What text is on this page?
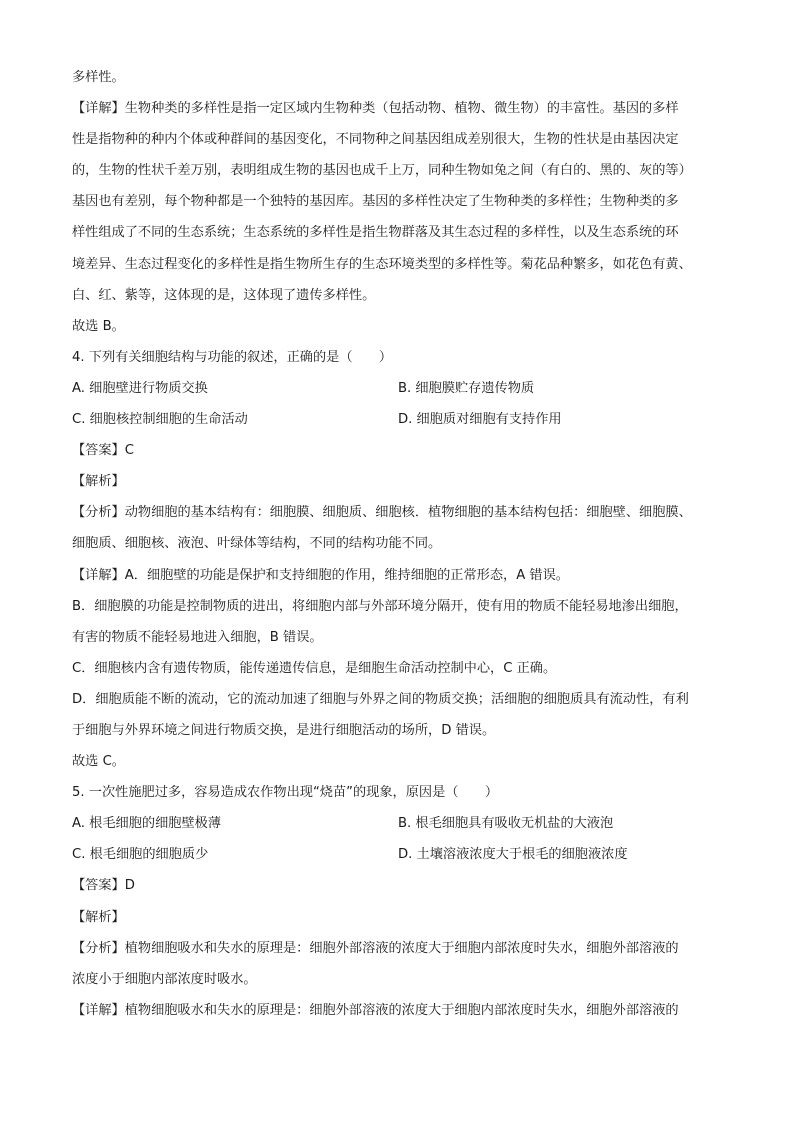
多样性。
【详解】生物种类的多样性是指一定区域内生物种类（包括动物、植物、微生物）的丰富性。基因的多样
性是指物种的种内个体或种群间的基因变化，不同物种之间基因组成差别很大，生物的性状是由基因决定
的，生物的性状千差万别，表明组成生物的基因也成千上万，同种生物如兔之间（有白的、黑的、灰的等）
基因也有差别，每个物种都是一个独特的基因库。基因的多样性决定了生物种类的多样性；生物种类的多
样性组成了不同的生态系统；生态系统的多样性是指生物群落及其生态过程的多样性，以及生态系统的环
境差异、生态过程变化的多样性是指生物所生存的生态环境类型的多样性等。菊花品种繁多，如花色有黄、
白、红、紫等，这体现的是，这体现了遗传多样性。
故选 B。
4. 下列有关细胞结构与功能的叙述，正确的是（　　）
A. 细胞壁进行物质交换	B. 细胞膜贮存遗传物质
C. 细胞核控制细胞的生命活动	D. 细胞质对细胞有支持作用
【答案】C
【解析】
【分析】动物细胞的基本结构有：细胞膜、细胞质、细胞核．植物细胞的基本结构包括：细胞壁、细胞膜、
细胞质、细胞核、液泡、叶绿体等结构，不同的结构功能不同。
【详解】A．细胞壁的功能是保护和支持细胞的作用，维持细胞的正常形态，A 错误。
B．细胞膜的功能是控制物质的进出，将细胞内部与外部环境分隔开，使有用的物质不能轻易地渗出细胞，
有害的物质不能轻易地进入细胞，B 错误。
C．细胞核内含有遗传物质，能传递遗传信息，是细胞生命活动控制中心，C 正确。
D．细胞质能不断的流动，它的流动加速了细胞与外界之间的物质交换；活细胞的细胞质具有流动性，有利
于细胞与外界环境之间进行物质交换，是进行细胞活动的场所，D 错误。
故选 C。
5. 一次性施肥过多，容易造成农作物出现“烧苗”的现象，原因是（　　）
A. 根毛细胞的细胞壁极薄	B. 根毛细胞具有吸收无机盐的大液泡
C. 根毛细胞的细胞质少	D. 土壤溶液浓度大于根毛的细胞液浓度
【答案】D
【解析】
【分析】植物细胞吸水和失水的原理是：细胞外部溶液的浓度大于细胞内部浓度时失水，细胞外部溶液的
浓度小于细胞内部浓度时吸水。
【详解】植物细胞吸水和失水的原理是：细胞外部溶液的浓度大于细胞内部浓度时失水，细胞外部溶液的
